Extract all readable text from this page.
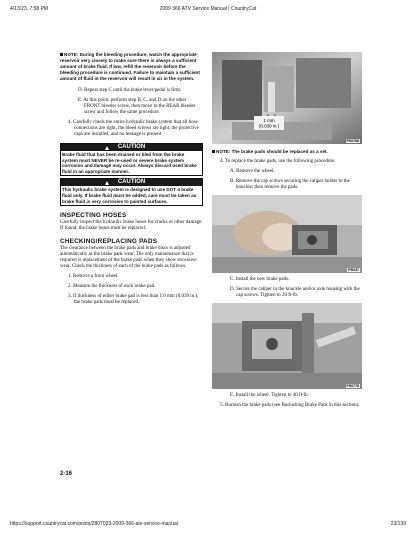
4/13/23, 7:58 PM	2009 366 ATV Service Manual | CountryCat

NOTE: During the bleeding procedure, watch the appropriate reservoir very closely to make sure there is always a sufficient amount of brake fluid. If low, refill the reservoir before the bleeding procedure is continued. Failure to maintain a sufficient amount of fluid in the reservoir will result in air in the system.

D. Repeat step C until the brake lever/pedal is firm.

E. At this point, perform step B, C, and D on the other FRONT bleeder screw, then move to the REAR bleeder screw and follow the same procedure.

4. Carefully check the entire hydraulic brake system that all hose connections are tight, the bleed screws are tight, the protective caps are installed, and no leakage is present.

CAUTION

Brake fluid that has been drained or bled from the brake system must NEVER be re-used or severe brake system corrosion and damage may occur. Always discard used brake fluid in an appropriate manner.

CAUTION

This hydraulic brake system is designed to use DOT 4 brake fluid only. If brake fluid must be added, care must be taken as brake fluid is very corrosive to painted surfaces.

INSPECTING HOSES

Carefully inspect the hydraulic brake hoses for cracks or other damage. If found, the brake hoses must be replaced.

CHECKING/REPLACING PADS

The clearance between the brake pads and brake discs is adjusted automatically as the brake pads wear. The only maintenance that is required is replacement of the brake pads when they show excessive wear. Check the thickness of each of the brake pads as follows.

1. Remove a front wheel.

2. Measure the thickness of each brake pad.

3. If thickness of either brake pad is less than 1.0 mm (0.039 in.), the brake pads must be replaced.

1 mm
(0.039 in.)
PS0768

NOTE: The brake pads should be replaced as a set.

4. To replace the brake pads, use the following procedure.

A. Remove the wheel.

B. Remove the cap screws securing the caliper holder to the knuckle; then remove the pads.

PR237

C. Install the new brake pads.

D. Secure the caliper to the knuckle and/or axle housing with the cap screws. Tighten to 20 ft-lb.

PS0778

E. Install the wheel. Tighten to 40 ft-lb.

5. Burnish the brake pads (see Burnishing Brake Pads in this section).

2-16
https://support.countrycat.com/posts/2807033-2009-366-atv-service-manual	23/139
